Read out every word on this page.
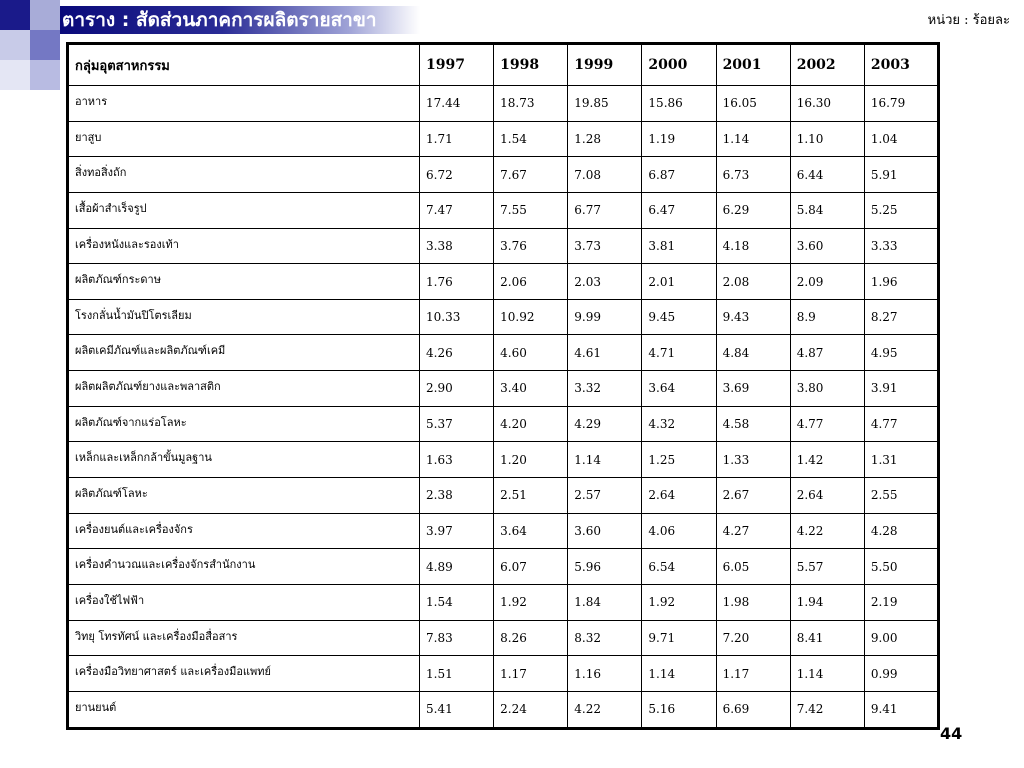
ตาราง : สัดส่วนภาคการผลิตรายสาขา	หน่วย : ร้อยละ
กลุ่มอุตสาหกรรม	1997	1998	1999	2000	2001	2002	2003
อาหาร	17.44	18.73	19.85	15.86	16.05	16.30	16.79
ยาสูบ	1.71	1.54	1.28	1.19	1.14	1.10	1.04
สิ่งทอสิ่งถัก	6.72	7.67	7.08	6.87	6.73	6.44	5.91
เสื้อผ้าสำเร็จรูป	7.47	7.55	6.77	6.47	6.29	5.84	5.25
เครื่องหนังและรองเท้า	3.38	3.76	3.73	3.81	4.18	3.60	3.33
ผลิตภัณฑ์กระดาษ	1.76	2.06	2.03	2.01	2.08	2.09	1.96
โรงกลั่นน้ำมันปิโตรเลียม	10.33	10.92	9.99	9.45	9.43	8.9	8.27
ผลิตเคมีภัณฑ์และผลิตภัณฑ์เคมี	4.26	4.60	4.61	4.71	4.84	4.87	4.95
ผลิตผลิตภัณฑ์ยางและพลาสติก	2.90	3.40	3.32	3.64	3.69	3.80	3.91
ผลิตภัณฑ์จากแร่อโลหะ	5.37	4.20	4.29	4.32	4.58	4.77	4.77
เหล็กและเหล็กกล้าขั้นมูลฐาน	1.63	1.20	1.14	1.25	1.33	1.42	1.31
ผลิตภัณฑ์โลหะ	2.38	2.51	2.57	2.64	2.67	2.64	2.55
เครื่องยนต์และเครื่องจักร	3.97	3.64	3.60	4.06	4.27	4.22	4.28
เครื่องคำนวณและเครื่องจักรสำนักงาน	4.89	6.07	5.96	6.54	6.05	5.57	5.50
เครื่องใช้ไฟฟ้า	1.54	1.92	1.84	1.92	1.98	1.94	2.19
วิทยุ โทรทัศน์ และเครื่องมือสื่อสาร	7.83	8.26	8.32	9.71	7.20	8.41	9.00
เครื่องมือวิทยาศาสตร์ และเครื่องมือแพทย์	1.51	1.17	1.16	1.14	1.17	1.14	0.99
ยานยนต์	5.41	2.24	4.22	5.16	6.69	7.42	9.41
44
